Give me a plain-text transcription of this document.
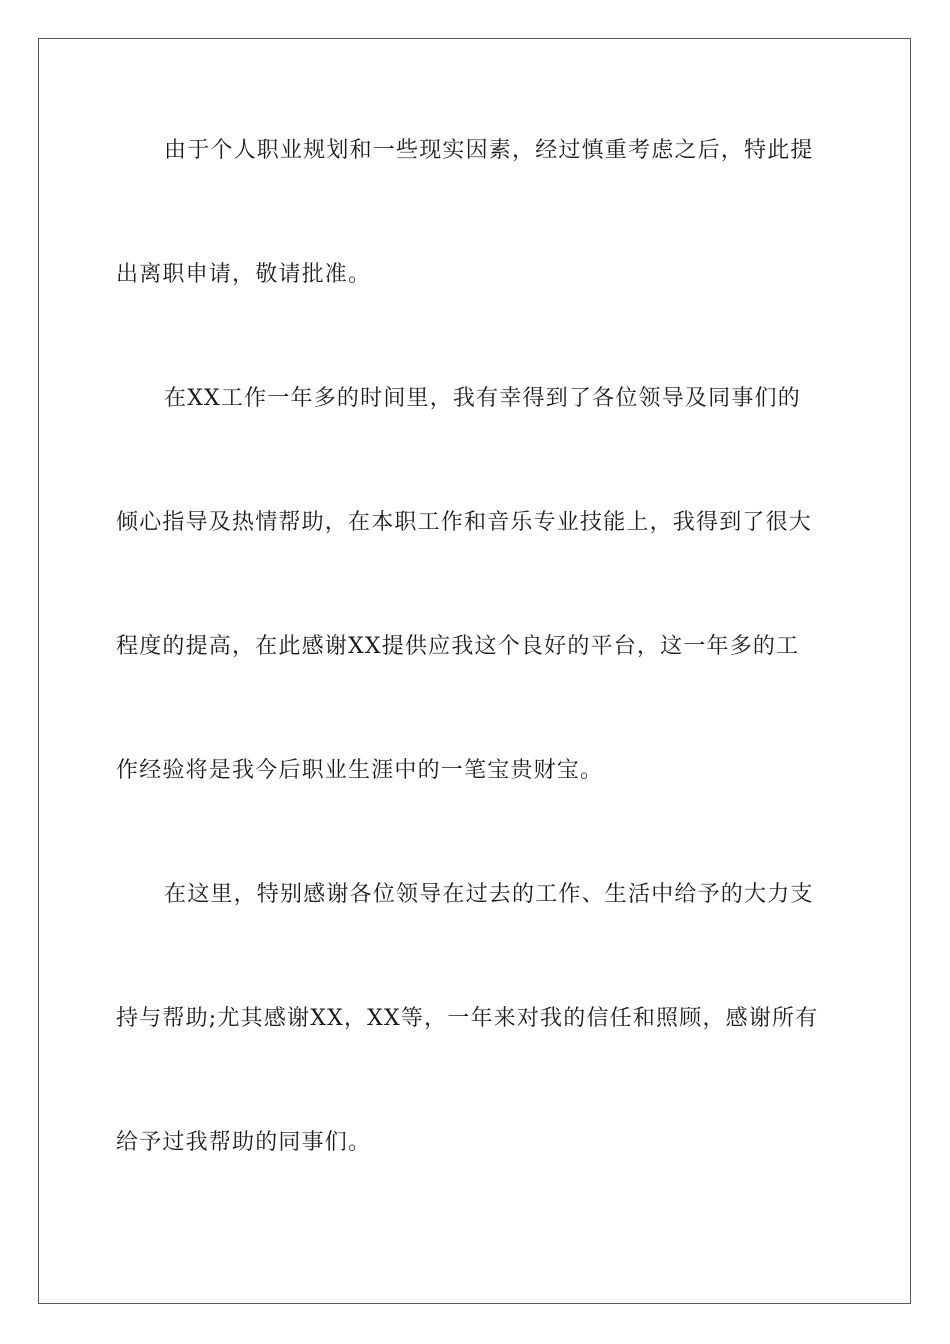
由于个人职业规划和一些现实因素，经过慎重考虑之后，特此提
出离职申请，敬请批准。
在XX工作一年多的时间里，我有幸得到了各位领导及同事们的
倾心指导及热情帮助，在本职工作和音乐专业技能上，我得到了很大
程度的提高，在此感谢XX提供应我这个良好的平台，这一年多的工
作经验将是我今后职业生涯中的一笔宝贵财宝。
在这里，特别感谢各位领导在过去的工作、生活中给予的大力支
持与帮助;尤其感谢XX，XX等，一年来对我的信任和照顾，感谢所有
给予过我帮助的同事们。
